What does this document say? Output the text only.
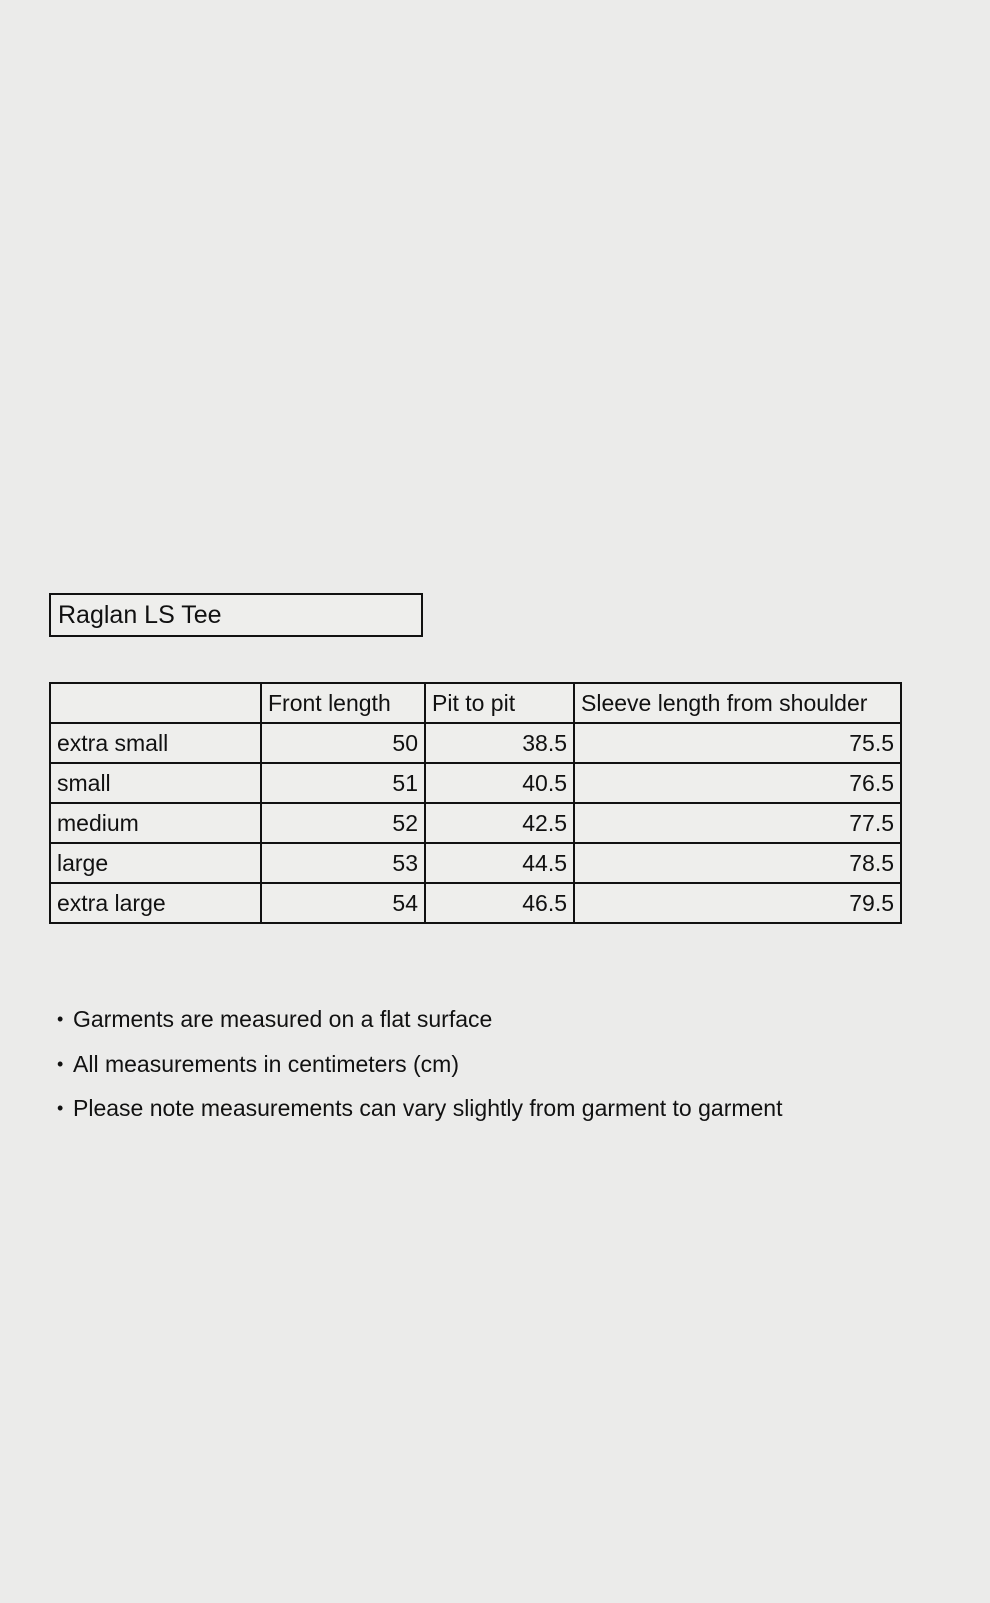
Raglan LS Tee
	Front length	Pit to pit	Sleeve length from shoulder
extra small	50	38.5	75.5
small	51	40.5	76.5
medium	52	42.5	77.5
large	53	44.5	78.5
extra large	54	46.5	79.5
• Garments are measured on a flat surface
• All measurements in centimeters (cm)
• Please note measurements can vary slightly from garment to garment
